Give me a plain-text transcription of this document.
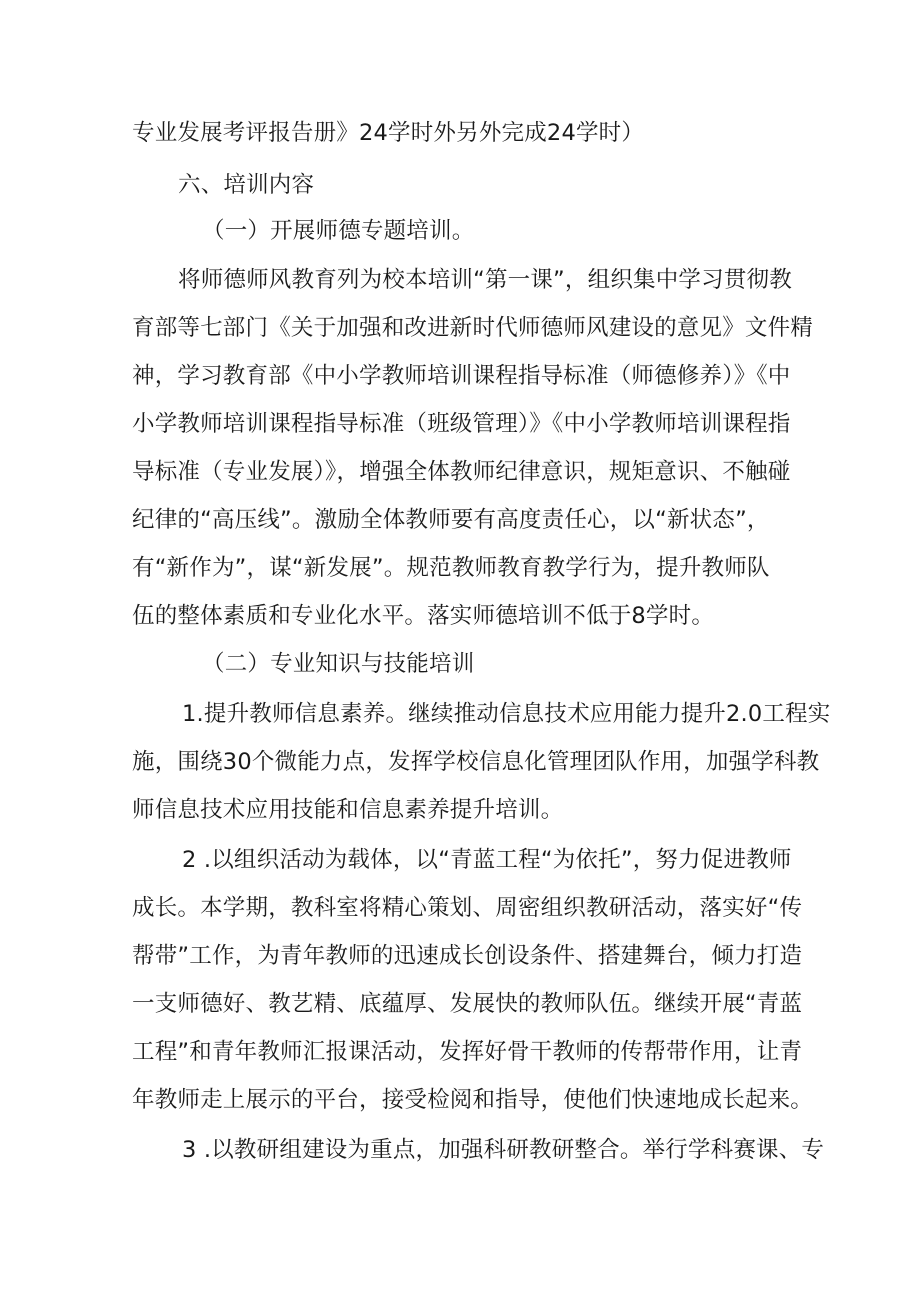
专业发展考评报告册》24学时外另外完成24学时）
六、培训内容
（一）开展师德专题培训。
将师德师风教育列为校本培训“第一课”，组织集中学习贯彻教
育部等七部门《关于加强和改进新时代师德师风建设的意见》文件精
神，学习教育部《中小学教师培训课程指导标准（师德修养）》《中
小学教师培训课程指导标准（班级管理）》《中小学教师培训课程指
导标准（专业发展）》，增强全体教师纪律意识，规矩意识、不触碰
纪律的“高压线”。激励全体教师要有高度责任心，以“新状态”，
有“新作为”，谋“新发展”。规范教师教育教学行为，提升教师队
伍的整体素质和专业化水平。落实师德培训不低于8学时。
（二）专业知识与技能培训
1.提升教师信息素养。继续推动信息技术应用能力提升2.0工程实
施，围绕30个微能力点，发挥学校信息化管理团队作用，加强学科教
师信息技术应用技能和信息素养提升培训。
2 .以组织活动为载体，以“青蓝工程“为依托”，努力促进教师
成长。本学期，教科室将精心策划、周密组织教研活动，落实好“传
帮带”工作，为青年教师的迅速成长创设条件、搭建舞台，倾力打造
一支师德好、教艺精、底蕴厚、发展快的教师队伍。继续开展“青蓝
工程”和青年教师汇报课活动，发挥好骨干教师的传帮带作用，让青
年教师走上展示的平台，接受检阅和指导，使他们快速地成长起来。
3 .以教研组建设为重点，加强科研教研整合。举行学科赛课、专
